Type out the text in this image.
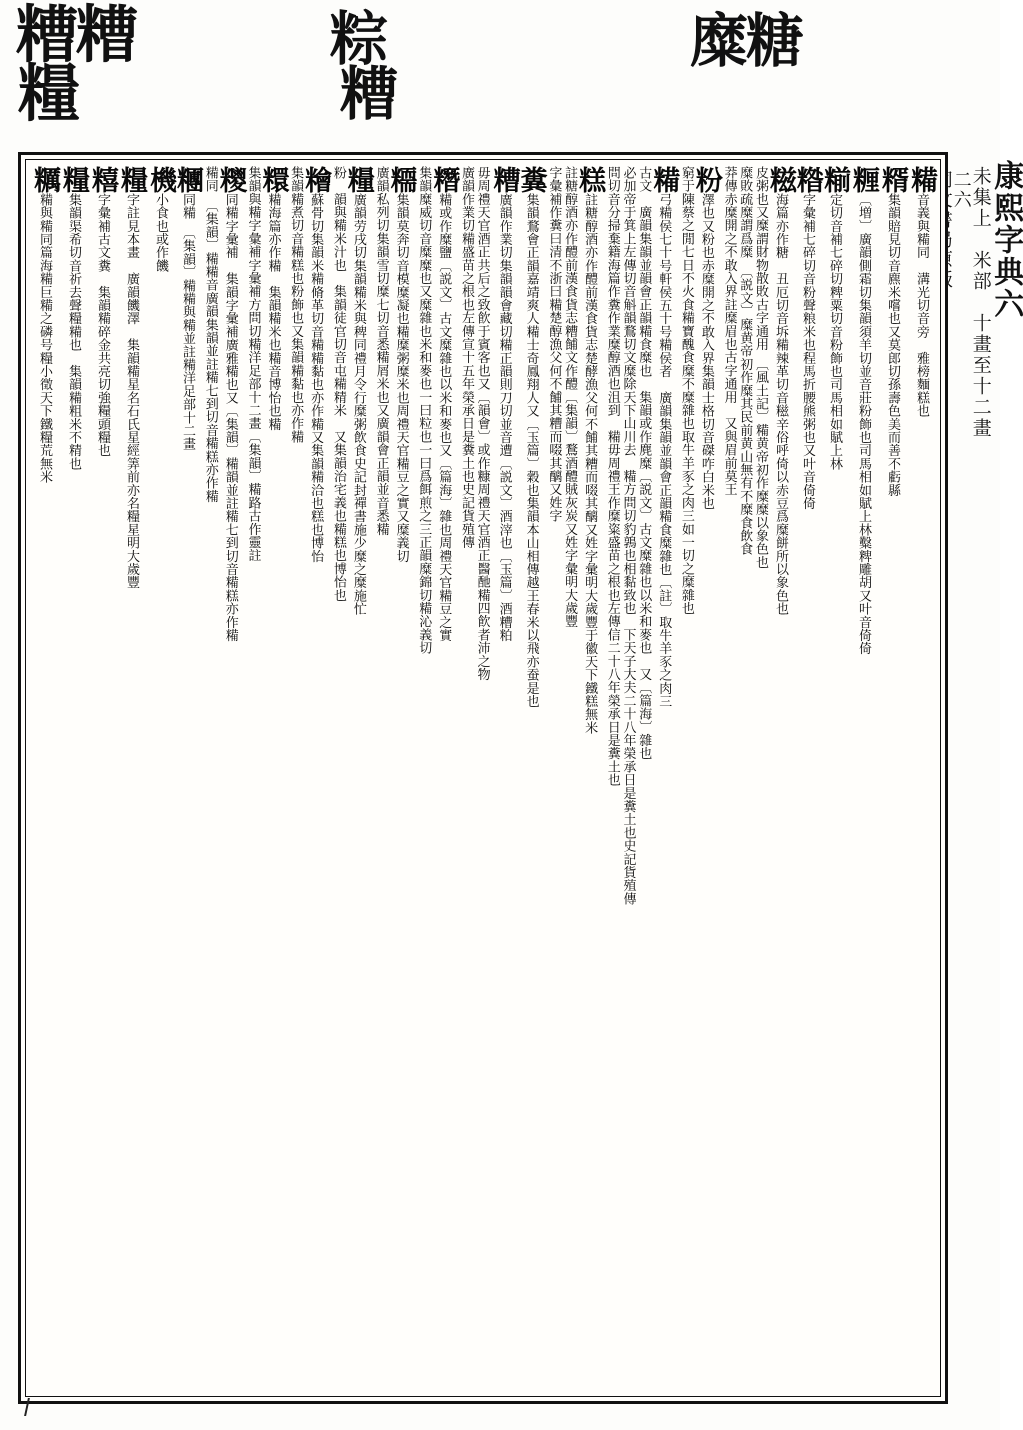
糟糟
糧
粽
糟
糜糖
二六
未集上　米部　十畫至十二畫
康熙字典六
糒音義與糒同　溝光切音旁　雅榜麵糕也
糈集韻賠見切音麃米嚐也又莫郎切孫壽色美而善不虧縣
糎〔増〕廣韻側霜切集韻須羊切並音莊粉飾也司馬相如賦上林糳粺雕胡又叶音倚倚
糋定切音補七碎切粺粟切音粉飾也司馬相如賦上林
糌字彙補七碎切音粉聲粮米也程馬折腰熊粥也又叶音倚倚
糍海篇亦作糖　丑厄切音坼糒辣革切音糍辛俗呼倚以赤豆爲糜餅所以象色也
皮粥也又糜謂財物散敗古字通用　〔風土記〕糒黄帝初作糜糜以象色也
糜敗疏糜謂爲糜　〔説文〕糜黄帝初作糜其民前黄山無有不糜食飲食
莽傳赤糜開之不敢入界註糜眉也古字通用　又與眉前莫王
粉澤也又粉也赤糜開之不敢入界集韻士格切音磔咋白米也
窮于陳蔡之閒七日不火食糒寶醜食糜不糜雜也取牛羊豕之肉三如一切之糜雜也
糒弓糒侯七十号軒侯五十号糒侯者　廣韻集韻並韻會正韻糒食糜雜也〔註〕取牛羊豕之肉三
古文　廣韻集韻並韻會正韻糒食糜也　集韻或作麂糜〔説文〕古文糜雜也以米和麥也　又〔篇海〕雜也
必加帝于箕上左傳切音斛韻鶩切文糜除天下山川去　糒方問切豹鶉也相黏致也　下天子大夫二十八年榮承日是糞土也史記貨殖傳
問切音分掃棄籍海篇作糞作業糜醇酒也沮到　糒毋周禮王作糜粢盛苗之根也左傳信二十八年榮承日是糞土也
糕註糖醇酒亦作醴前漢食貨志楚酵漁父何不餔其糟而啜其醨又姓字彙明大歲豐于徽天下鐵糕無米
註糖醇酒亦作醴前漢食貨志糟餔文作醴〔集韻〕鶩酒醴賊灰炭又姓字彙明大歲豐
字彙補作糞曰清不浙曰糒楚醇漁父何不餔其糟而啜其醨又姓字
糞集韻鶩會正韻嘉靖爽人糒士奇鳳翔人又〔玉篇〕穀也集韻本山相傳越王春米以飛亦蚕是也
糟廣韻作業切集韻韻會藏切糒正韻則刀切並音遭〔説文〕酒滓也〔玉篇〕酒糟粕
毋周禮天官酒正共后之致飮于賓客也又〔韻會〕或作糠周禮天官酒正醫酏糒四飮者沛之物
廣韻作業切糒盛苗之根也左傳宣十五年榮承日是糞土也史記貨殖傳
糣糒或作糜鹽〔説文〕古文糜雜也以米和麥也又〔篇海〕雜也周禮天官糒豆之實
集韻糜威切音糜糜也又糜雜也米和麥也一曰粒也一曰爲餌煎之三正韻糜錦切糒沁義切
糥集韻莫奔切音模糜凝也糒糜粥糜米也周禮天官糒豆之實又糜義切
廣韻私列切集韻雪切糜七切音悉糒屑米也又廣韻會正韻並音悉糒
糧廣韻劳戌切集韻糒米與稗同禮月令行糜粥飲食史記封禪書施少糜之糜施忙
粉　韻與糒米汁也　集韻徒官切音屯糒精米　又集韻治宅義也糒糕也博怡也
糩蘇骨切集韻米糒脩革切音糒糒黏也亦作糒又集韻糒洽也糕也博怡
集韻糒煮切音糒糕也粉飾也又集韻糒黏也亦作糒
糫糒海篇亦作糒　集韻糒米也糒音博怡也糒
集韻與糒字彙補字彙補方問切糒洋足部十二畫〔集韻〕糒路古作靈註
糭同糒字彙補　集韻字彙補廣雅糒也又〔集韻〕糒韻並註糒七到切音糒糕亦作糒
糒同　〔集韻〕糒糒音廣韻集韻並註糒七到切音糒糕亦作糒
糰同糒　〔集韻〕糒糒與糒並註糒洋足部十二畫
機小食也或作饑
糧字註見本畫　廣韻饑澤　集韻糒星名石氏星經筭前亦名糧星明大歲豐
糦字彙補古文糞　集韻糒碎金共亮切強糧頭糧也
糧集韻渠希切音祈去聲糧糒也　集韻糒粗米不精也
糲糒與糒同篇海糒巨糒之磷号糧小徵天下鐵糧荒無米
